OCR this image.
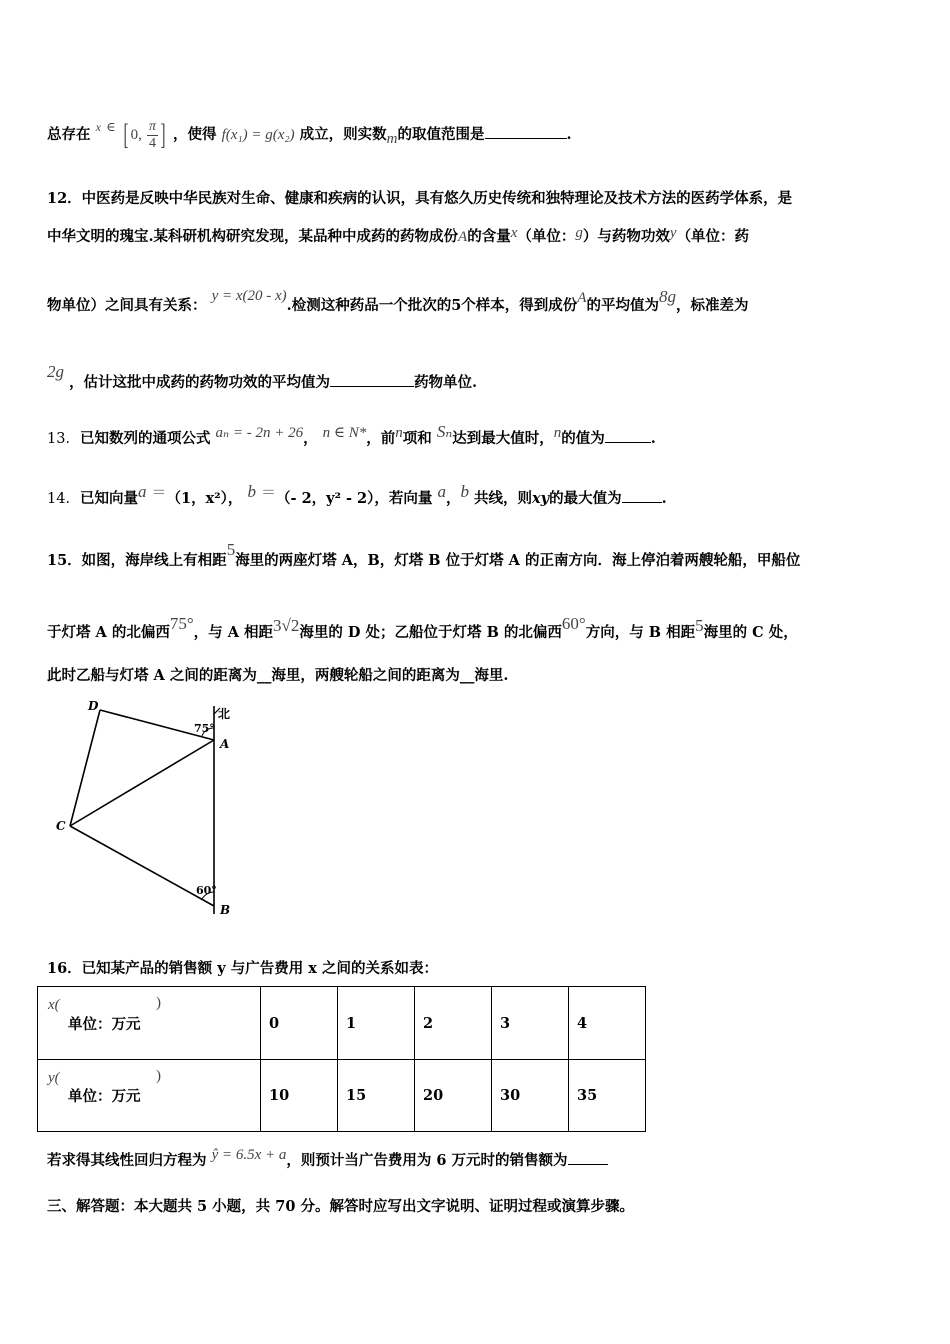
总存在 $^x$ ∈ [ 0, $\frac{\pi}{4}$ ] ，使得 f(x₁) = g(x₂) 成立，则实数m的取值范围是	.
12．中医药是反映中华民族对生命、健康和疾病的认识，具有悠久历史传统和独特理论及技术方法的医药学体系，是
中华文明的瑰宝.某科研机构研究发现，某品种中成药的药物成份A的含量x（单位：g）与药物功效y（单位：药
物单位）之间具有关系： y = x(20 - x).检测这种药品一个批次的5个样本，得到成份A的平均值为8g，标准差为
2g ，估计这批中成药的药物功效的平均值为	药物单位.
13．已知数列的通项公式 aₙ = - 2n + 26， n ∈ N*，前n项和 Sₙ达到最大值时，n的值为	.
14．已知向量a ＝（1，x²）， b ＝（- 2，y² - 2），若向量 a，b 共线，则xy的最大值为	.
15．如图，海岸线上有相距5海里的两座灯塔 A，B，灯塔 B 位于灯塔 A 的正南方向．海上停泊着两艘轮船，甲船位
于灯塔 A 的北偏西75°，与 A 相距3√2海里的 D 处；乙船位于灯塔 B 的北偏西60°方向，与 B 相距5海里的 C 处，
此时乙船与灯塔 A 之间的距离为__海里，两艘轮船之间的距离为__海里.
D
A
C
B
北
75°
60°
16．已知某产品的销售额 y 与广告费用 x 之间的关系如表：
x( )
单位：万元	0	1	2	3	4

y( )
单位：万元	10	15	20	30	35
若求得其线性回归方程为 ŷ = 6.5x + a，则预计当广告费用为 6 万元时的销售额为
三、解答题：本大题共 5 小题，共 70 分。解答时应写出文字说明、证明过程或演算步骤。
